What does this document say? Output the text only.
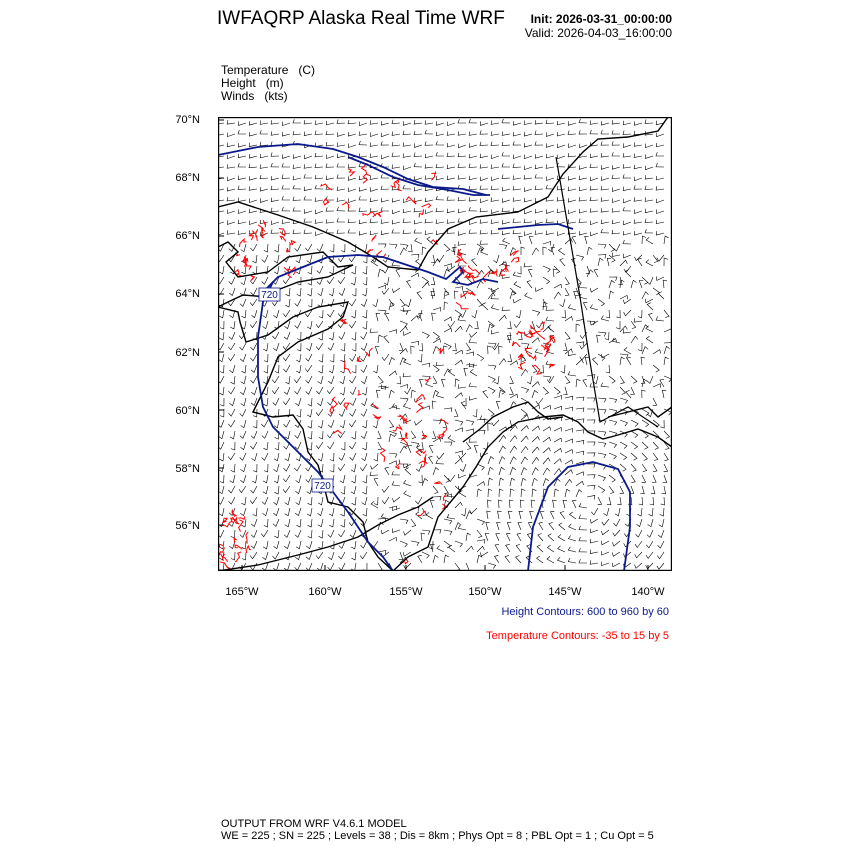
IWFAQRP Alaska Real Time WRF Init: 2026-03-31_00:00:00
Valid: 2026-04-03_16:00:00
Temperature   (C)
Height   (m)
Winds   (kts)
720
720
70°N
68°N
66°N
64°N
62°N
60°N
58°N
56°N
165°W	160°W	155°W	150°W	145°W	140°W
Height Contours: 600 to 960 by 60
Temperature Contours: -35 to 15 by 5
OUTPUT FROM WRF V4.6.1 MODEL
WE = 225 ; SN = 225 ; Levels = 38 ; Dis = 8km ; Phys Opt = 8 ; PBL Opt = 1 ; Cu Opt = 5
